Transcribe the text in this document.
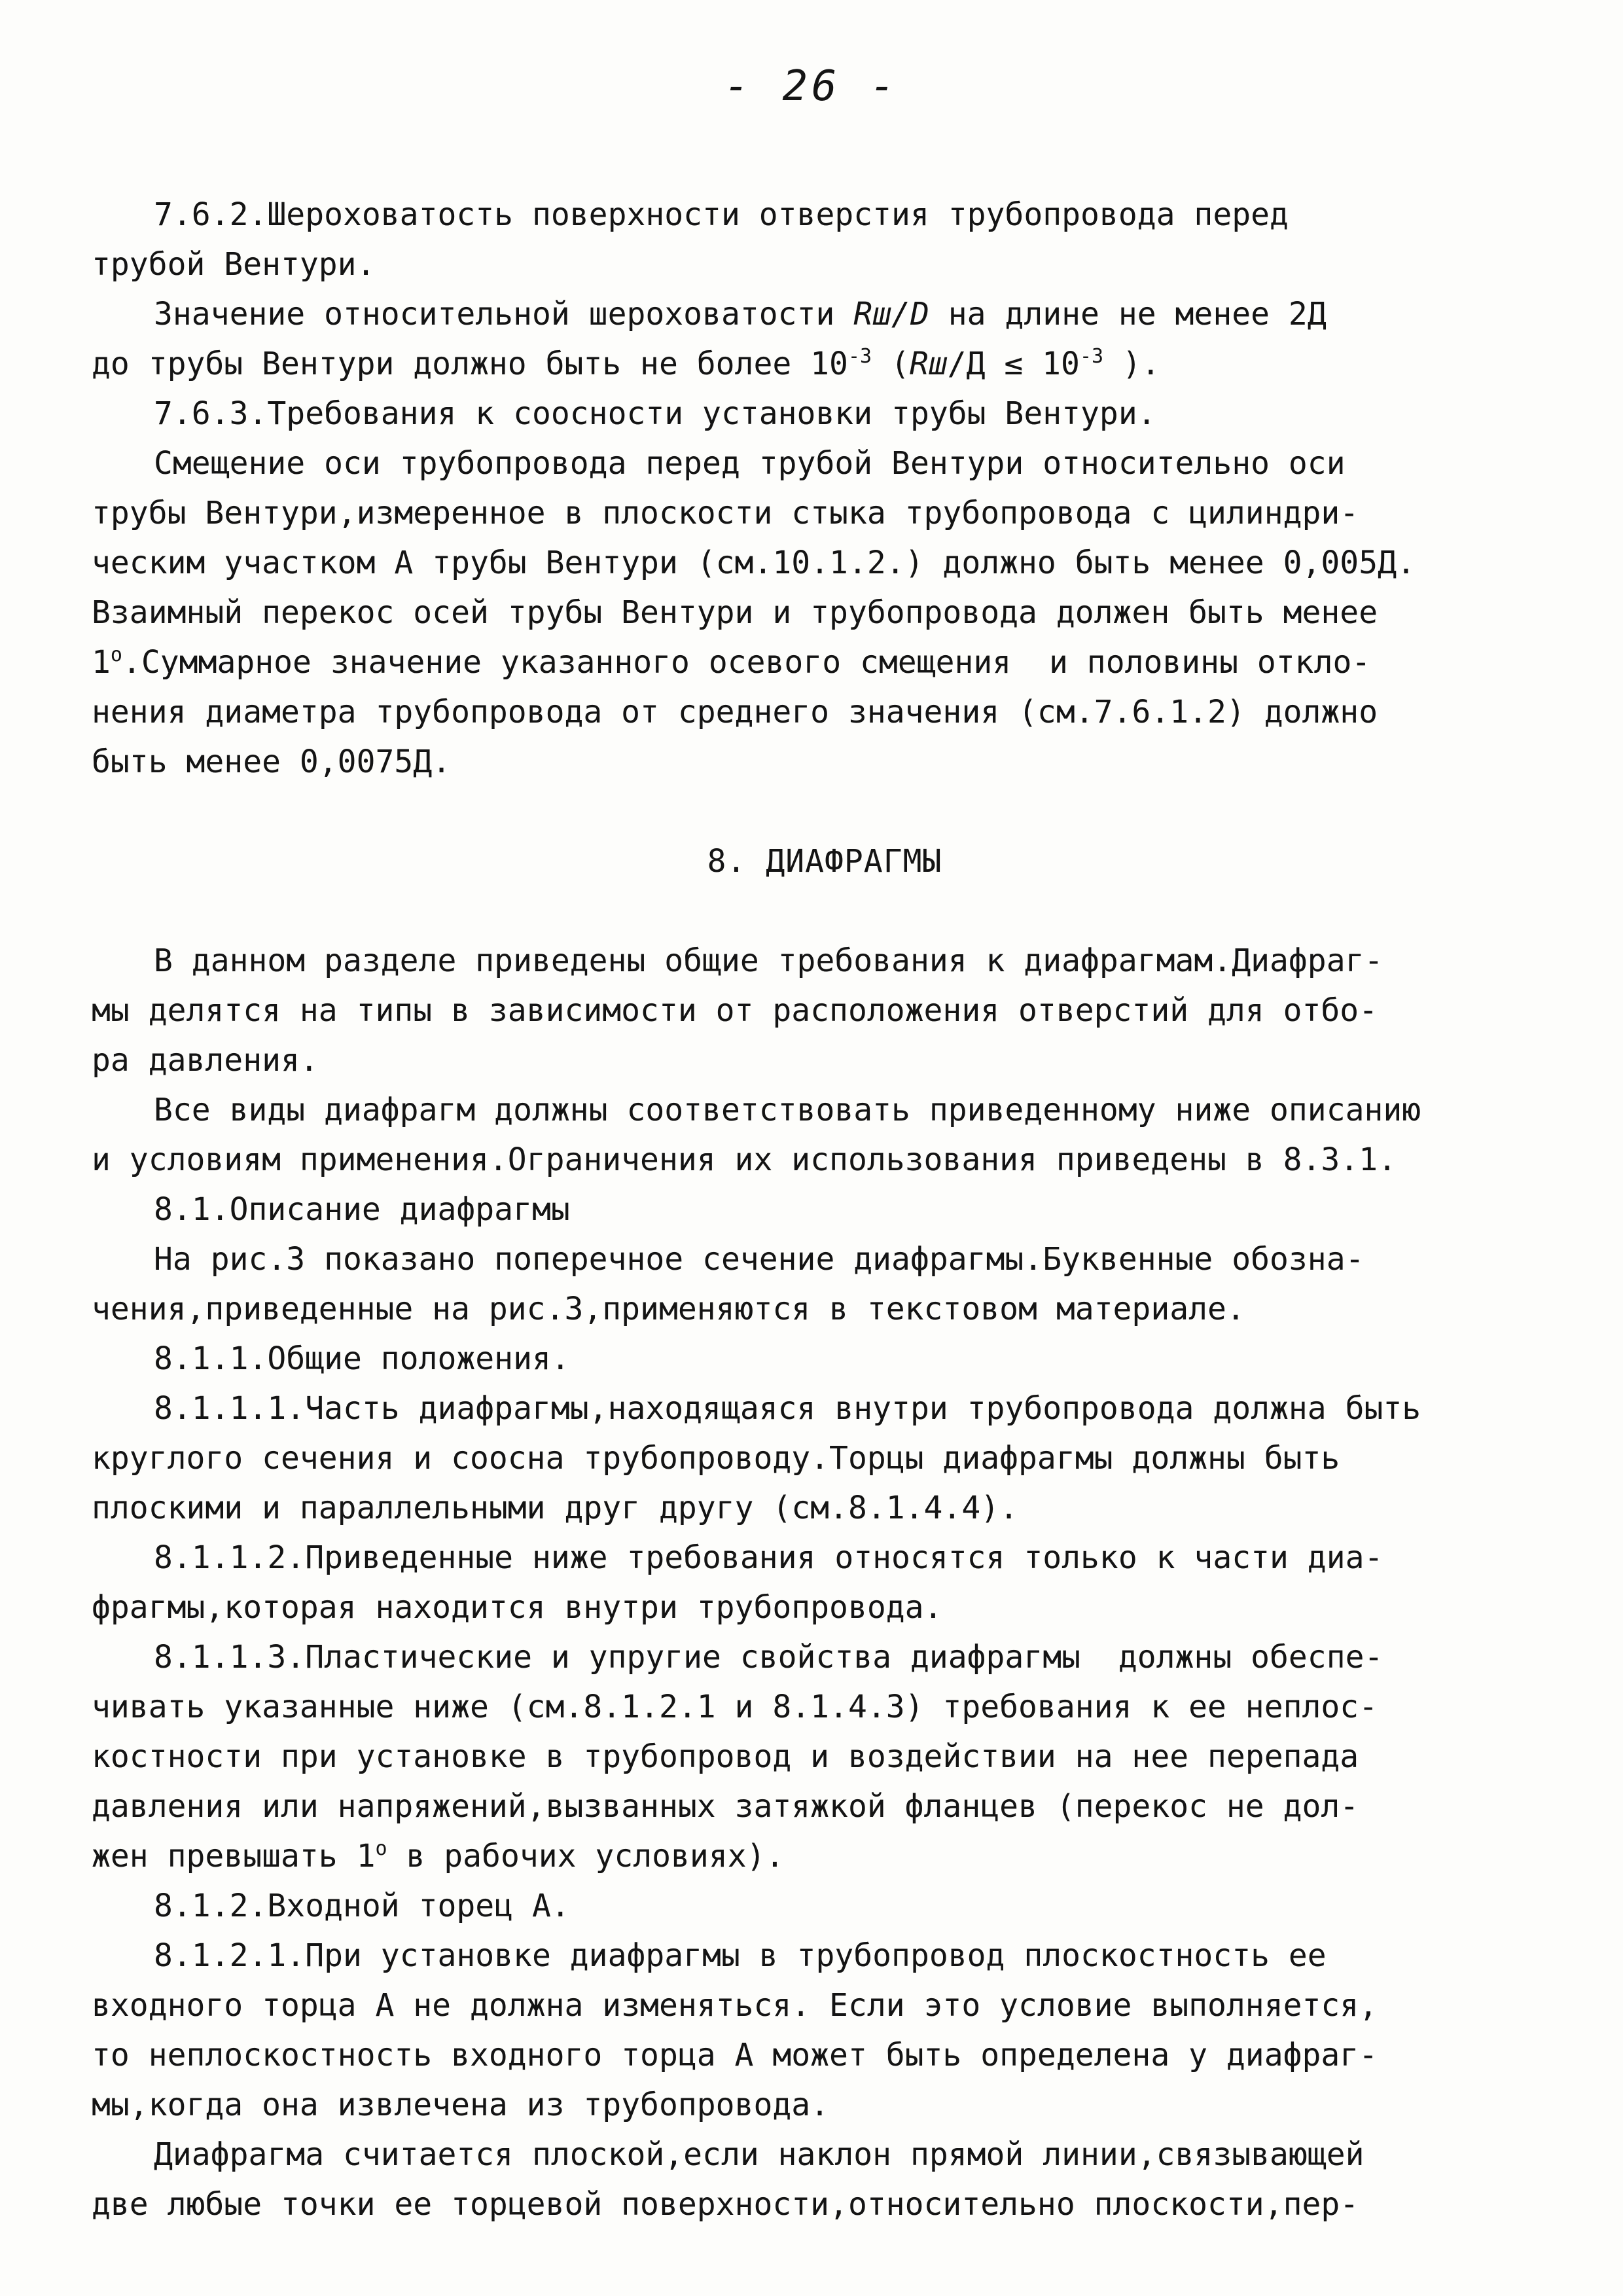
- 26 -
7.6.2.Шероховатость поверхности отверстия трубопровода перед
трубой Вентури.
Значение относительной шероховатости Rш/D на длине не менее 2Д
до трубы Вентури должно быть не более $10^{-3}$ ($Rш/Д \le 10^{-3}$ ).
7.6.3.Требования к соосности установки трубы Вентури.
Смещение оси трубопровода перед трубой Вентури относительно оси
трубы Вентури,измеренное в плоскости стыка трубопровода с цилиндри-
ческим участком А трубы Вентури (см.10.1.2.) должно быть менее 0,005Д.
Взаимный перекос осей трубы Вентури и трубопровода должен быть менее
$1^о.Суммарное$ значение указанного осевого смещения  и половины откло-
нения диаметра трубопровода от среднего значения (см.7.6.1.2) должно
быть менее 0,0075Д.
8. ДИАФРАГМЫ
В данном разделе приведены общие требования к диафрагмам.Диафраг-
мы делятся на типы в зависимости от расположения отверстий для отбо-
ра давления.
Все виды диафрагм должны соответствовать приведенному ниже описанию
и условиям применения.Ограничения их использования приведены в 8.3.1.
8.1.Описание диафрагмы
На рис.3 показано поперечное сечение диафрагмы.Буквенные обозна-
чения,приведенные на рис.3,применяются в текстовом материале.
8.1.1.Общие положения.
8.1.1.1.Часть диафрагмы,находящаяся внутри трубопровода должна быть
круглого сечения и соосна трубопроводу.Торцы диафрагмы должны быть
плоскими и параллельными друг другу (см.8.1.4.4).
8.1.1.2.Приведенные ниже требования относятся только к части диа-
фрагмы,которая находится внутри трубопровода.
8.1.1.3.Пластические и упругие свойства диафрагмы  должны обеспе-
чивать указанные ниже (см.8.1.2.1 и 8.1.4.3) требования к ее неплос-
костности при установке в трубопровод и воздействии на нее перепада
давления или напряжений,вызванных затяжкой фланцев (перекос не дол-
жен превышать $1^о$ в рабочих условиях).
8.1.2.Входной торец А.
8.1.2.1.При установке диафрагмы в трубопровод плоскостность ее
входного торца А не должна изменяться. Если это условие выполняется,
то неплоскостность входного торца А может быть определена у диафраг-
мы,когда она извлечена из трубопровода.
Диафрагма считается плоской,если наклон прямой линии,связывающей
две любые точки ее торцевой поверхности,относительно плоскости,пер-
